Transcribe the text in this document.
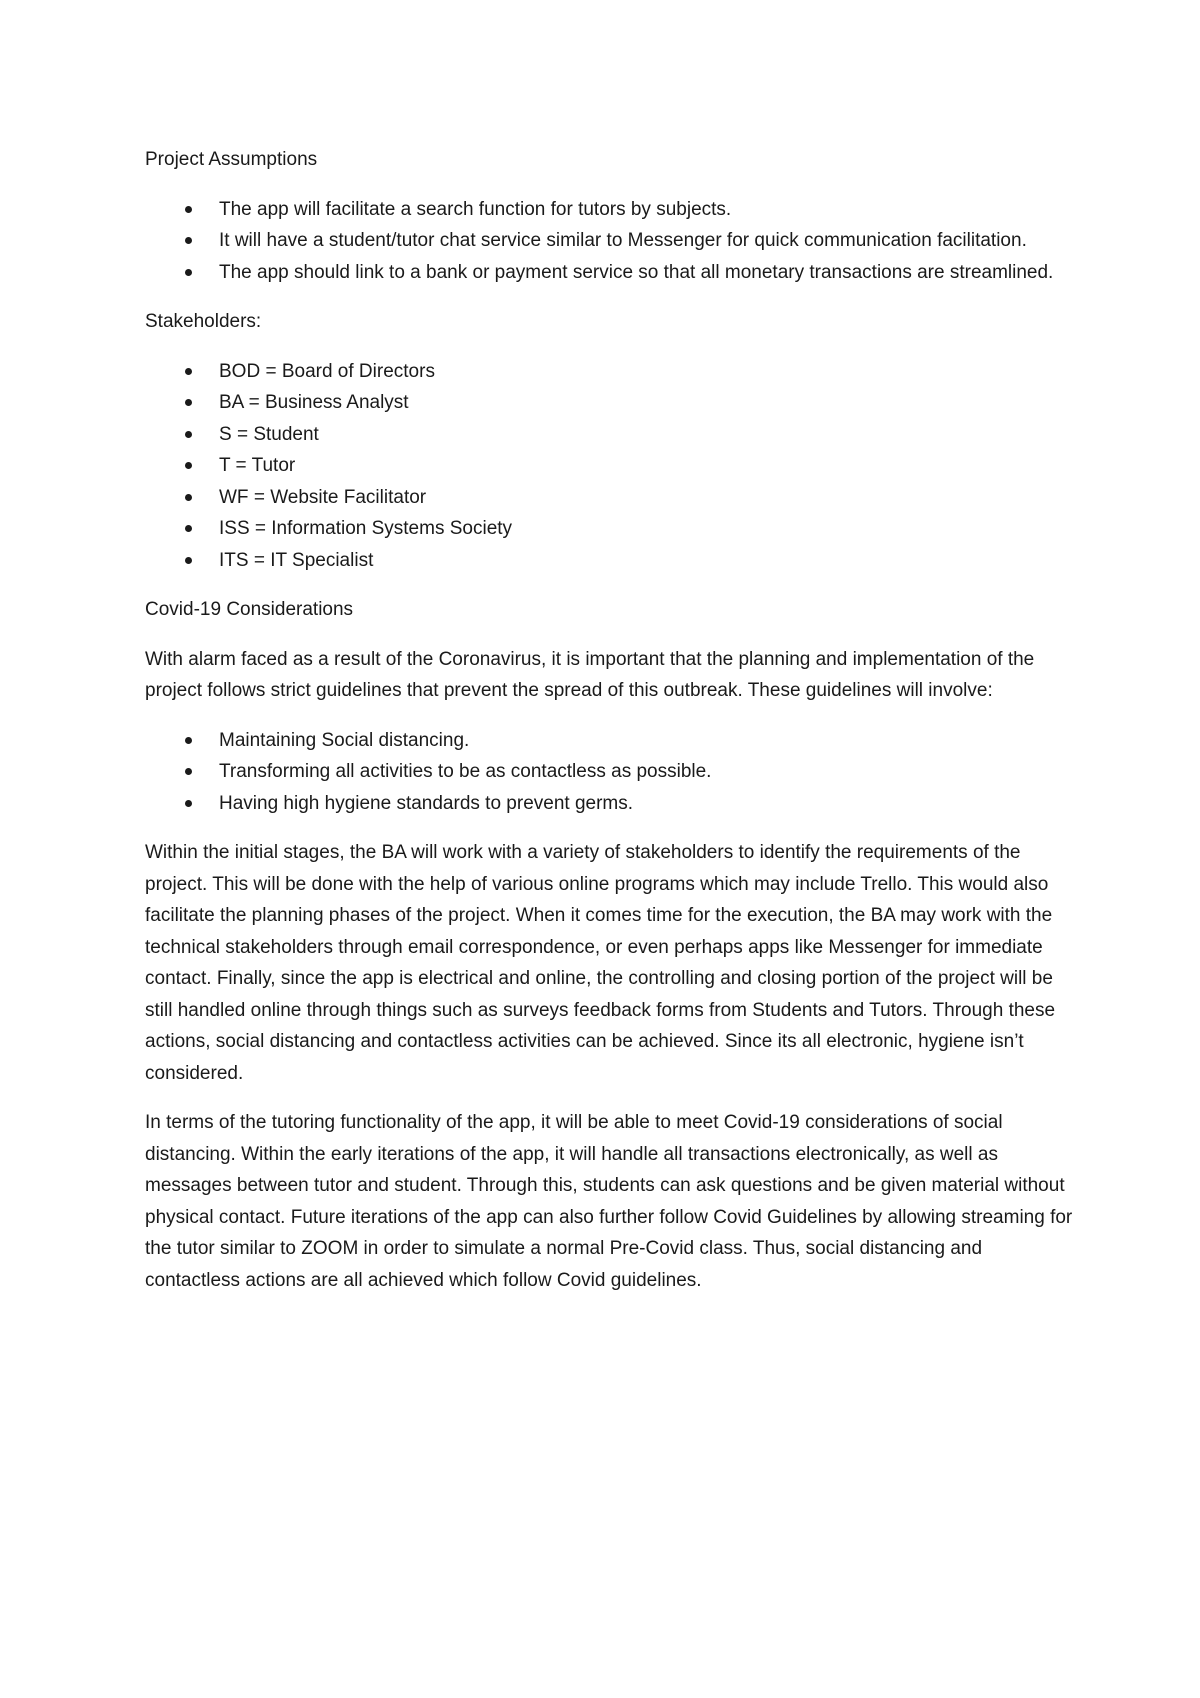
Project Assumptions

The app will facilitate a search function for tutors by subjects.
It will have a student/tutor chat service similar to Messenger for quick communication facilitation.
The app should link to a bank or payment service so that all monetary transactions are streamlined.

Stakeholders:

BOD = Board of Directors
BA = Business Analyst
S = Student
T = Tutor
WF = Website Facilitator
ISS = Information Systems Society
ITS = IT Specialist

Covid-19 Considerations

With alarm faced as a result of the Coronavirus, it is important that the planning and implementation of the project follows strict guidelines that prevent the spread of this outbreak. These guidelines will involve:

Maintaining Social distancing.
Transforming all activities to be as contactless as possible.
Having high hygiene standards to prevent germs.

Within the initial stages, the BA will work with a variety of stakeholders to identify the requirements of the project. This will be done with the help of various online programs which may include Trello. This would also facilitate the planning phases of the project. When it comes time for the execution, the BA may work with the technical stakeholders through email correspondence, or even perhaps apps like Messenger for immediate contact. Finally, since the app is electrical and online, the controlling and closing portion of the project will be still handled online through things such as surveys feedback forms from Students and Tutors. Through these actions, social distancing and contactless activities can be achieved. Since its all electronic, hygiene isn’t considered.

In terms of the tutoring functionality of the app, it will be able to meet Covid-19 considerations of social distancing. Within the early iterations of the app, it will handle all transactions electronically, as well as messages between tutor and student. Through this, students can ask questions and be given material without physical contact. Future iterations of the app can also further follow Covid Guidelines by allowing streaming for the tutor similar to ZOOM in order to simulate a normal Pre-Covid class. Thus, social distancing and contactless actions are all achieved which follow Covid guidelines.
